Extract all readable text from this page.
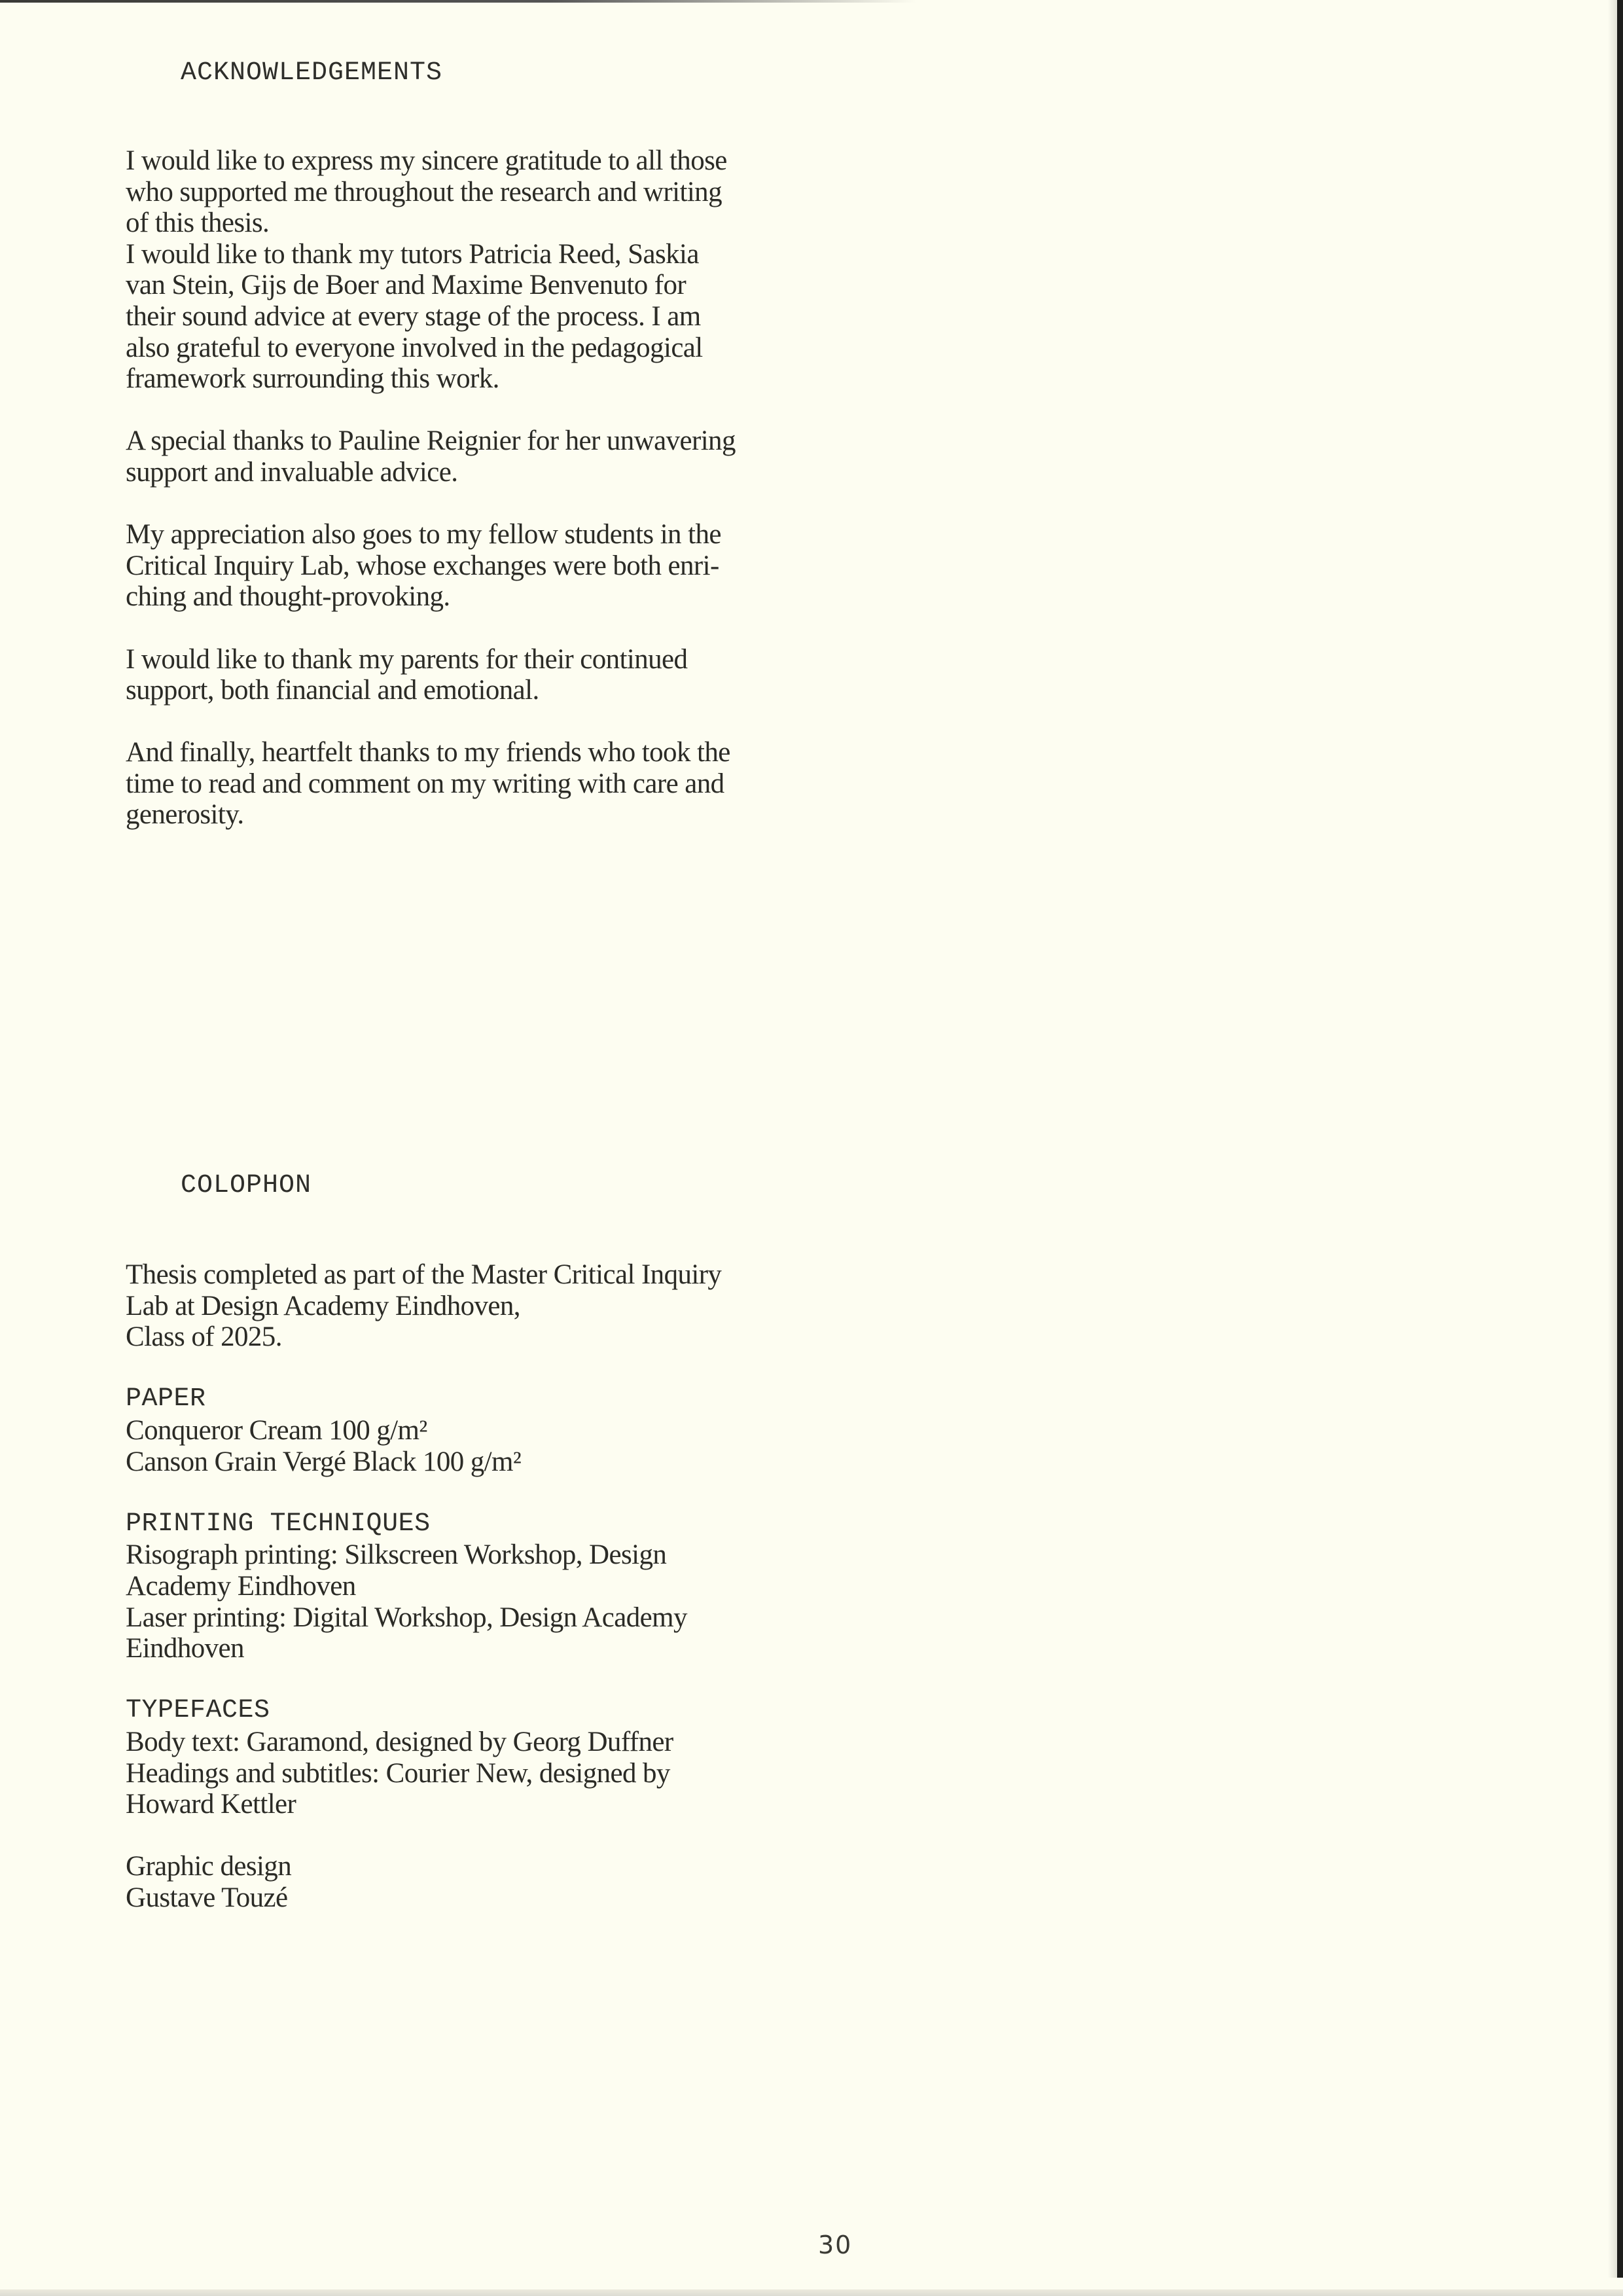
ACKNOWLEDGEMENTS

I would like to express my sincere gratitude to all those
who supported me throughout the research and writing
of this thesis.

I would like to thank my tutors Patricia Reed, Saskia
van Stein, Gijs de Boer and Maxime Benvenuto for
their sound advice at every stage of the process. I am
also grateful to everyone involved in the pedagogical
framework surrounding this work.

A special thanks to Pauline Reignier for her unwavering
support and invaluable advice.

My appreciation also goes to my fellow students in the
Critical Inquiry Lab, whose exchanges were both enri-
ching and thought-provoking.

I would like to thank my parents for their continued
support, both financial and emotional.

And finally, heartfelt thanks to my friends who took the
time to read and comment on my writing with care and
generosity.

COLOPHON
Thesis completed as part of the Master Critical Inquiry
Lab at Design Academy Eindhoven,
Class of 2025.
PAPER
Conqueror Cream 100 g/m²
Canson Grain Vergé Black 100 g/m²
PRINTING TECHNIQUES
Risograph printing: Silkscreen Workshop, Design
Academy Eindhoven
Laser printing: Digital Workshop, Design Academy
Eindhoven
TYPEFACES
Body text: Garamond, designed by Georg Duffner
Headings and subtitles: Courier New, designed by
Howard Kettler
Graphic design
Gustave Touzé
30
